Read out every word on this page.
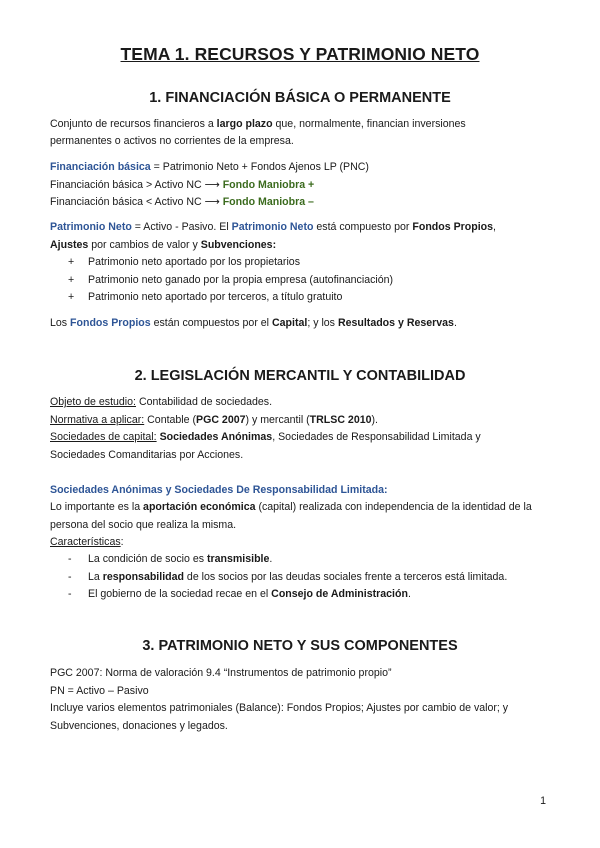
TEMA 1. RECURSOS Y PATRIMONIO NETO
1. FINANCIACIÓN BÁSICA O PERMANENTE

Conjunto de recursos financieros a largo plazo que, normalmente, financian inversiones

permanentes o activos no corrientes de la empresa.

Financiación básica = Patrimonio Neto + Fondos Ajenos LP (PNC)

Financiación básica > Activo NC ⟶ Fondo Maniobra +

Financiación básica < Activo NC ⟶ Fondo Maniobra –

Patrimonio Neto = Activo - Pasivo. El Patrimonio Neto está compuesto por Fondos Propios,

Ajustes por cambios de valor y Subvenciones:

+ Patrimonio neto aportado por los propietarios
+ Patrimonio neto ganado por la propia empresa (autofinanciación)
+ Patrimonio neto aportado por terceros, a título gratuito

Los Fondos Propios están compuestos por el Capital; y los Resultados y Reservas.

2. LEGISLACIÓN MERCANTIL Y CONTABILIDAD

Objeto de estudio: Contabilidad de sociedades.

Normativa a aplicar: Contable (PGC 2007) y mercantil (TRLSC 2010).

Sociedades de capital: Sociedades Anónimas, Sociedades de Responsabilidad Limitada y

Sociedades Comanditarias por Acciones.

Sociedades Anónimas y Sociedades De Responsabilidad Limitada:

Lo importante es la aportación económica (capital) realizada con independencia de la identidad de la

persona del socio que realiza la misma.

Características:

- La condición de socio es transmisible.
- La responsabilidad de los socios por las deudas sociales frente a terceros está limitada.
- El gobierno de la sociedad recae en el Consejo de Administración.
3. PATRIMONIO NETO Y SUS COMPONENTES

PGC 2007: Norma de valoración 9.4 “Instrumentos de patrimonio propio”

PN = Activo – Pasivo

Incluye varios elementos patrimoniales (Balance): Fondos Propios; Ajustes por cambio de valor; y

Subvenciones, donaciones y legados.

1
